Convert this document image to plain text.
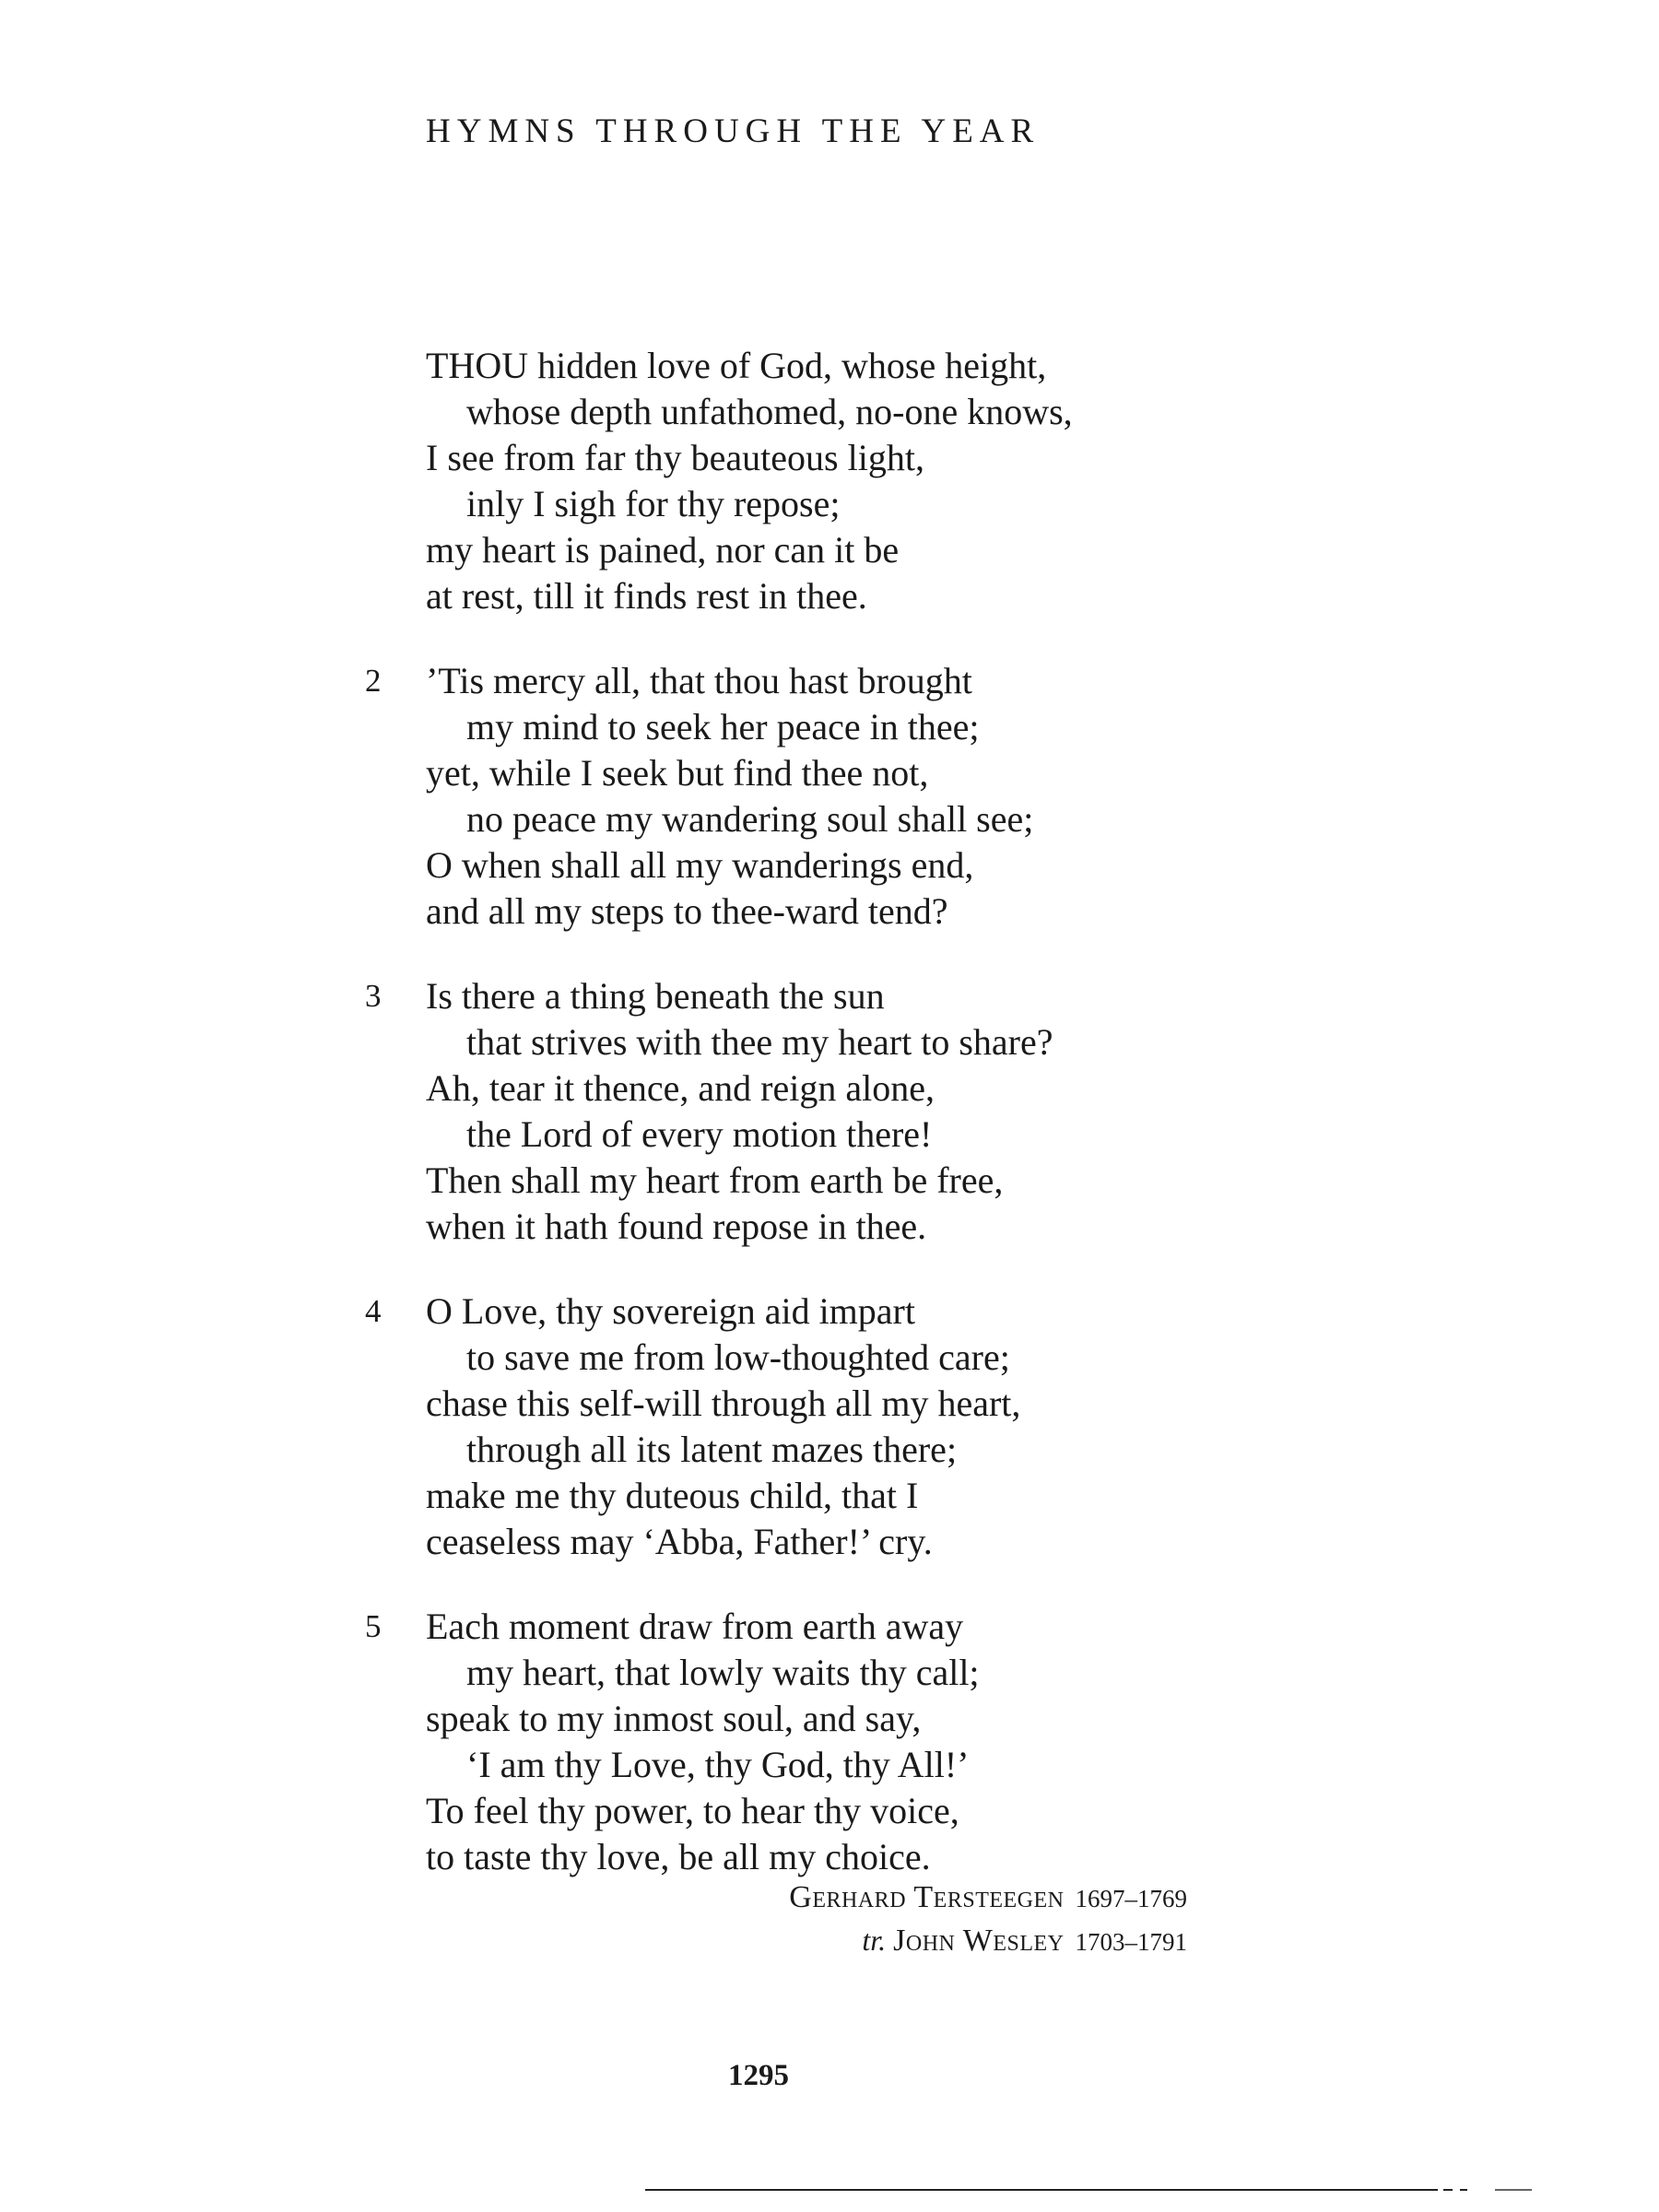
HYMNS THROUGH THE YEAR
THOU hidden love of God, whose height,
whose depth unfathomed, no-one knows,
I see from far thy beauteous light,
inly I sigh for thy repose;
my heart is pained, nor can it be
at rest, till it finds rest in thee.
2 ’Tis mercy all, that thou hast brought
my mind to seek her peace in thee;
yet, while I seek but find thee not,
no peace my wandering soul shall see;
O when shall all my wanderings end,
and all my steps to thee-ward tend?
3 Is there a thing beneath the sun
that strives with thee my heart to share?
Ah, tear it thence, and reign alone,
the Lord of every motion there!
Then shall my heart from earth be free,
when it hath found repose in thee.
4 O Love, thy sovereign aid impart
to save me from low-thoughted care;
chase this self-will through all my heart,
through all its latent mazes there;
make me thy duteous child, that I
ceaseless may ‘Abba, Father!’ cry.
5 Each moment draw from earth away
my heart, that lowly waits thy call;
speak to my inmost soul, and say,
‘I am thy Love, thy God, thy All!’
To feel thy power, to hear thy voice,
to taste thy love, be all my choice.
Gerhard Tersteegen 1697–1769
tr. John Wesley 1703–1791
1295
